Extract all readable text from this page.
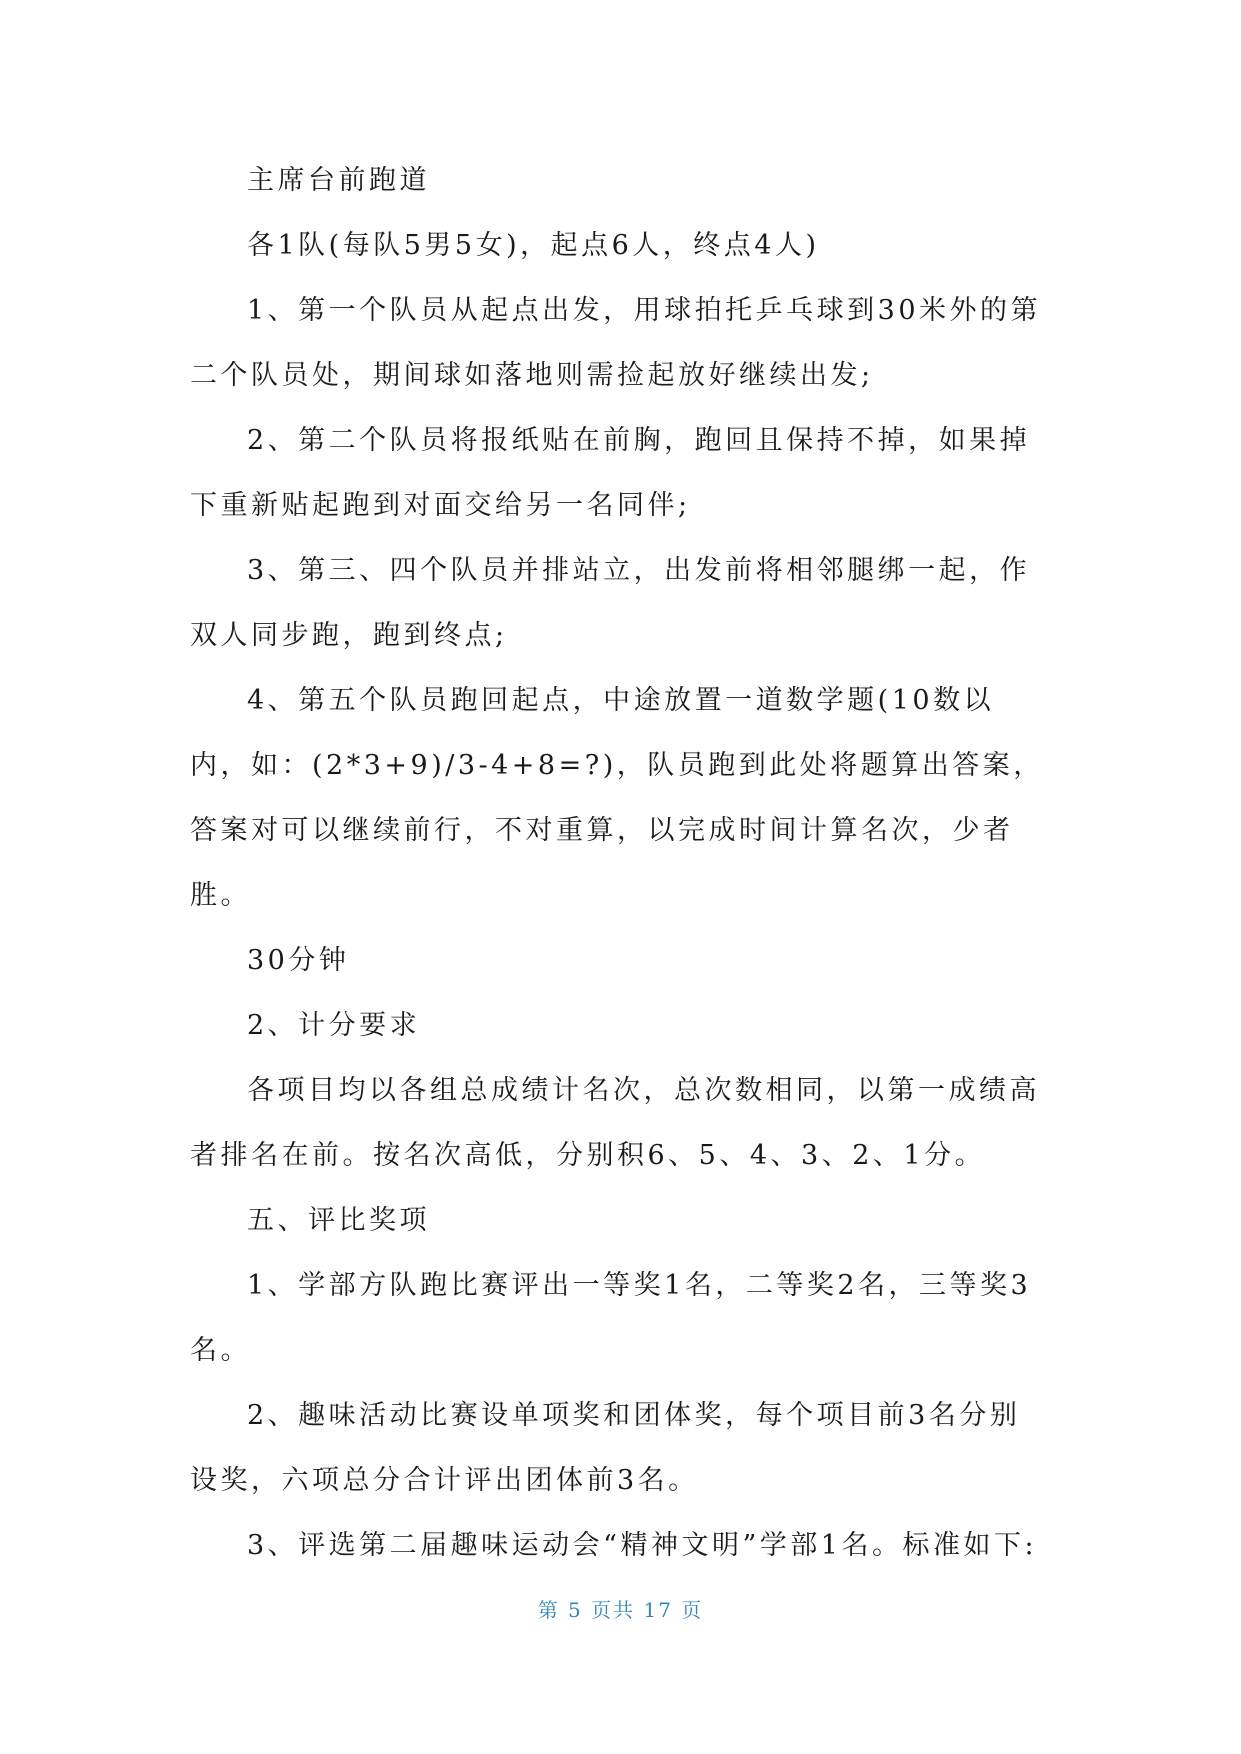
主席台前跑道

各1队(每队5男5女)，起点6人，终点4人)

1、第一个队员从起点出发，用球拍托乒乓球到30米外的第二个队员处，期间球如落地则需捡起放好继续出发;

2、第二个队员将报纸贴在前胸，跑回且保持不掉，如果掉下重新贴起跑到对面交给另一名同伴;

3、第三、四个队员并排站立，出发前将相邻腿绑一起，作双人同步跑，跑到终点;

4、第五个队员跑回起点，中途放置一道数学题(10数以内，如：(2*3+9)/3-4+8=?)，队员跑到此处将题算出答案，答案对可以继续前行，不对重算，以完成时间计算名次，少者胜。

30分钟

2、计分要求

各项目均以各组总成绩计名次，总次数相同，以第一成绩高者排名在前。按名次高低，分别积6、5、4、3、2、1分。

五、评比奖项

1、学部方队跑比赛评出一等奖1名，二等奖2名，三等奖3名。

2、趣味活动比赛设单项奖和团体奖，每个项目前3名分别设奖，六项总分合计评出团体前3名。

3、评选第二届趣味运动会“精神文明”学部1名。标准如下:

第 5 页共 17 页
